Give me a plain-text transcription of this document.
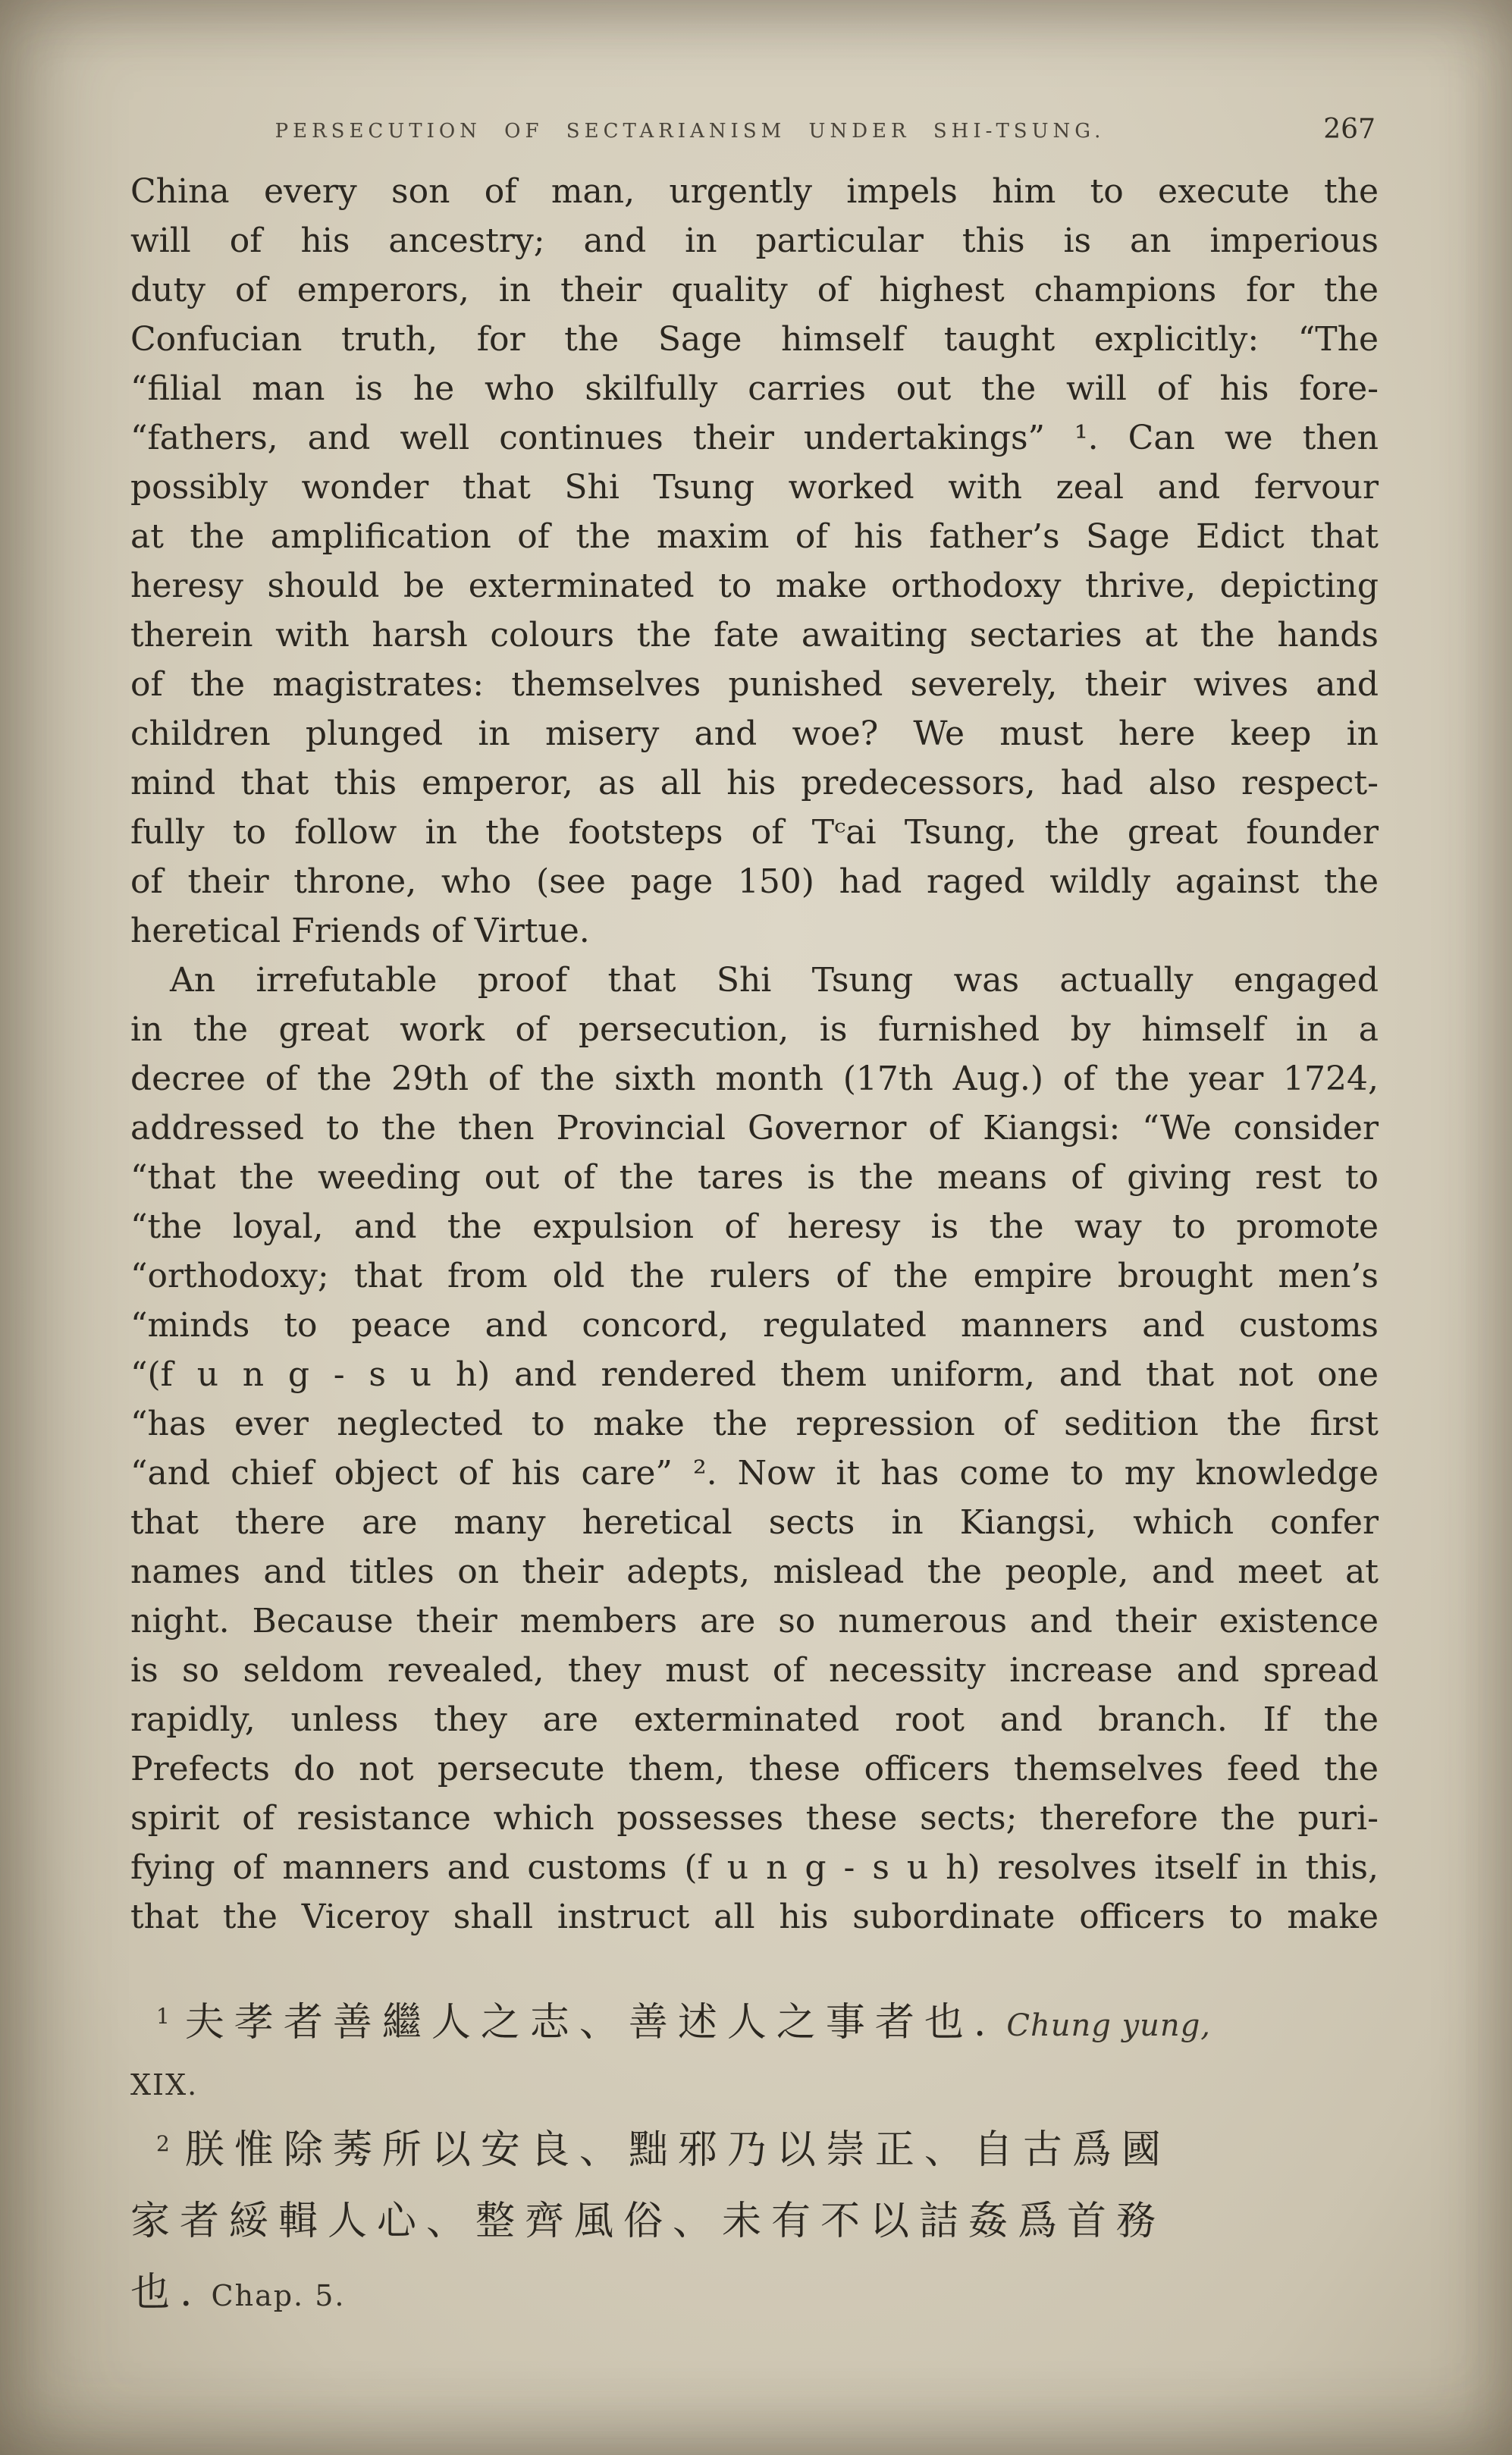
PERSECUTION OF SECTARIANISM UNDER SHI-TSUNG.	267
China every son of man, urgently impels him to execute the
will of his ancestry; and in particular this is an imperious
duty of emperors, in their quality of highest champions for the
Confucian truth, for the Sage himself taught explicitly: “The
“filial man is he who skilfully carries out the will of his fore-
“fathers, and well continues their undertakings” ¹. Can we then
possibly wonder that Shi Tsung worked with zeal and fervour
at the amplification of the maxim of his father’s Sage Edict that
heresy should be exterminated to make orthodoxy thrive, depicting
therein with harsh colours the fate awaiting sectaries at the hands
of the magistrates: themselves punished severely, their wives and
children plunged in misery and woe? We must here keep in
mind that this emperor, as all his predecessors, had also respect-
fully to follow in the footsteps of Tᶜai Tsung, the great founder
of their throne, who (see page 150) had raged wildly against the
heretical Friends of Virtue.
An irrefutable proof that Shi Tsung was actually engaged
in the great work of persecution, is furnished by himself in a
decree of the 29th of the sixth month (17th Aug.) of the year 1724,
addressed to the then Provincial Governor of Kiangsi: “We consider
“that the weeding out of the tares is the means of giving rest to
“the loyal, and the expulsion of heresy is the way to promote
“orthodoxy; that from old the rulers of the empire brought men’s
“minds to peace and concord, regulated manners and customs
“(f u n g - s u h) and rendered them uniform, and that not one
“has ever neglected to make the repression of sedition the first
“and chief object of his care” ². Now it has come to my knowledge
that there are many heretical sects in Kiangsi, which confer
names and titles on their adepts, mislead the people, and meet at
night. Because their members are so numerous and their existence
is so seldom revealed, they must of necessity increase and spread
rapidly, unless they are exterminated root and branch. If the
Prefects do not persecute them, these officers themselves feed the
spirit of resistance which possesses these sects; therefore the puri-
fying of manners and customs (f u n g - s u h) resolves itself in this,
that the Viceroy shall instruct all his subordinate officers to make
$^1$ 夫孝者善繼人之志、善述人之事者也. Chung yung,
XIX.
$^2$ 朕惟除莠所以安良、黜邪乃以崇正、自古爲國
家者綏輯人心、整齊風俗、未有不以詰姦爲首務
也. Chap. 5.
